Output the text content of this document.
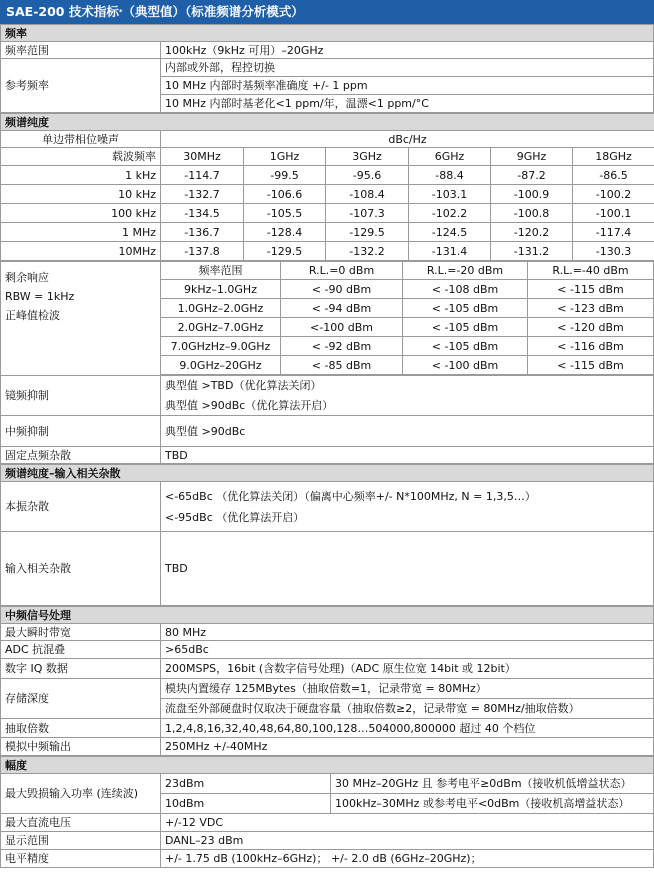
SAE-200 技术指标*（典型值）（标准频谱分析模式）
频率	
频率范围	100kHz（9kHz 可用）–20GHz
参考频率	内部或外部，程控切换
	10 MHz 内部时基频率准确度 +/- 1 ppm
	10 MHz 内部时基老化<1 ppm/年，温漂<1 ppm/°C
频谱纯度						
单边带相位噪声	dBc/Hz					
载波频率	30MHz	1GHz	3GHz	6GHz	9GHz	18GHz
1 kHz	-114.7	-99.5	-95.6	-88.4	-87.2	-86.5
10 kHz	-132.7	-106.6	-108.4	-103.1	-100.9	-100.2
100 kHz	-134.5	-105.5	-107.3	-102.2	-100.8	-100.1
1 MHz	-136.7	-128.4	-129.5	-124.5	-120.2	-117.4
10MHz	-137.8	-129.5	-132.2	-131.4	-131.2	-130.3
剩余响应
RBW = 1kHz
正峰值检波	频率范围	R.L.=0 dBm	R.L.=-20 dBm	R.L.=-40 dBm
	9kHz–1.0GHz	< -90 dBm	< -108 dBm	< -115 dBm
	1.0GHz–2.0GHz	< -94 dBm	< -105 dBm	< -123 dBm
	2.0GHz–7.0GHz	<-100 dBm	< -105 dBm	< -120 dBm
	7.0GHzHz–9.0GHz	< -92 dBm	< -105 dBm	< -116 dBm
	9.0GHz–20GHz	< -85 dBm	< -100 dBm	< -115 dBm
镜频抑制	典型值 >TBD（优化算法关闭）
	典型值 >90dBc（优化算法开启）
中频抑制	典型值 >90dBc
固定点频杂散	TBD
频谱纯度–输入相关杂散	
本振杂散	<-65dBc （优化算法关闭）（偏离中心频率+/- N*100MHz, N = 1,3,5…）
<-95dBc （优化算法开启）

输入相关杂散	TBD
中频信号处理	
最大瞬时带宽	80 MHz
ADC 抗混叠	>65dBc
数字 IQ 数据	200MSPS，16bit (含数字信号处理)（ADC 原生位宽 14bit 或 12bit）
存储深度	模块内置缓存 125MBytes（抽取倍数=1，记录带宽 = 80MHz）
	流盘至外部硬盘时仅取决于硬盘容量（抽取倍数≥2，记录带宽 = 80MHz/抽取倍数）
抽取倍数	1,2,4,8,16,32,40,48,64,80,100,128…504000,800000 超过 40 个档位
模拟中频输出	250MHz +/-40MHz
幅度		
最大毁损输入功率 (连续波)	23dBm	30 MHz–20GHz 且 参考电平≥0dBm（接收机低增益状态）
	10dBm	100kHz–30MHz 或参考电平<0dBm（接收机高增益状态）
最大直流电压	+/-12 VDC	
显示范围	DANL–23 dBm	
电平精度	+/- 1.75 dB (100kHz–6GHz)； +/- 2.0 dB (6GHz–20GHz)；	
